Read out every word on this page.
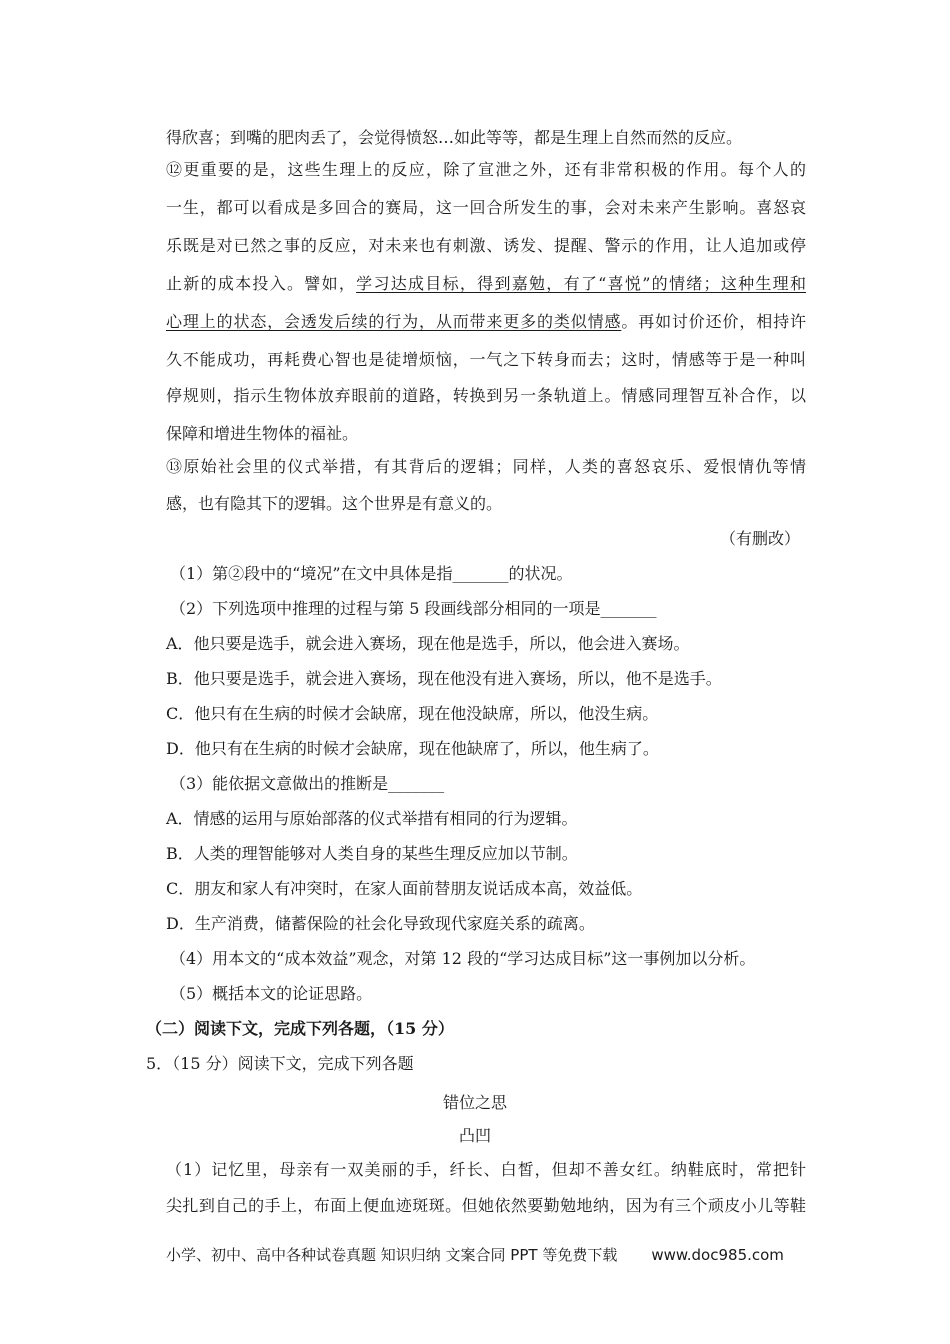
得欣喜；到嘴的肥肉丢了，会觉得愤怒…如此等等，都是生理上自然而然的反应。
⑫更重要的是，这些生理上的反应，除了宣泄之外，还有非常积极的作用。每个人的
一生，都可以看成是多回合的赛局，这一回合所发生的事，会对未来产生影响。喜怒哀
乐既是对已然之事的反应，对未来也有刺激、诱发、提醒、警示的作用，让人追加或停
止新的成本投入。譬如，学习达成目标，得到嘉勉，有了“喜悦”的情绪；这种生理和
心理上的状态，会透发后续的行为，从而带来更多的类似情感。再如讨价还价，相持许
久不能成功，再耗费心智也是徒增烦恼，一气之下转身而去；这时，情感等于是一种叫
停规则，指示生物体放弃眼前的道路，转换到另一条轨道上。情感同理智互补合作，以
保障和增进生物体的福祉。
⑬原始社会里的仪式举措，有其背后的逻辑；同样，人类的喜怒哀乐、爱恨情仇等情
感，也有隐其下的逻辑。这个世界是有意义的。
（有删改）
（1）第②段中的“境况”在文中具体是指_______的状况。
（2）下列选项中推理的过程与第 5 段画线部分相同的一项是_______
A．他只要是选手，就会进入赛场，现在他是选手，所以，他会进入赛场。
B．他只要是选手，就会进入赛场，现在他没有进入赛场，所以，他不是选手。
C．他只有在生病的时候才会缺席，现在他没缺席，所以，他没生病。
D．他只有在生病的时候才会缺席，现在他缺席了，所以，他生病了。
（3）能依据文意做出的推断是_______
A．情感的运用与原始部落的仪式举措有相同的行为逻辑。
B．人类的理智能够对人类自身的某些生理反应加以节制。
C．朋友和家人有冲突时，在家人面前替朋友说话成本高，效益低。
D．生产消费，储蓄保险的社会化导致现代家庭关系的疏离。
（4）用本文的“成本效益”观念，对第 12 段的“学习达成目标”这一事例加以分析。
（5）概括本文的论证思路。
（二）阅读下文，完成下列各题，（15 分）
5．（15 分）阅读下文，完成下列各题
错位之思
凸凹
（1）记忆里，母亲有一双美丽的手，纤长、白皙，但却不善女红。纳鞋底时，常把针
尖扎到自己的手上，布面上便血迹斑斑。但她依然要勤勉地纳，因为有三个顽皮小儿等鞋
小学、初中、高中各种试卷真题 知识归纳 文案合同 PPT 等免费下载 www.doc985.com
